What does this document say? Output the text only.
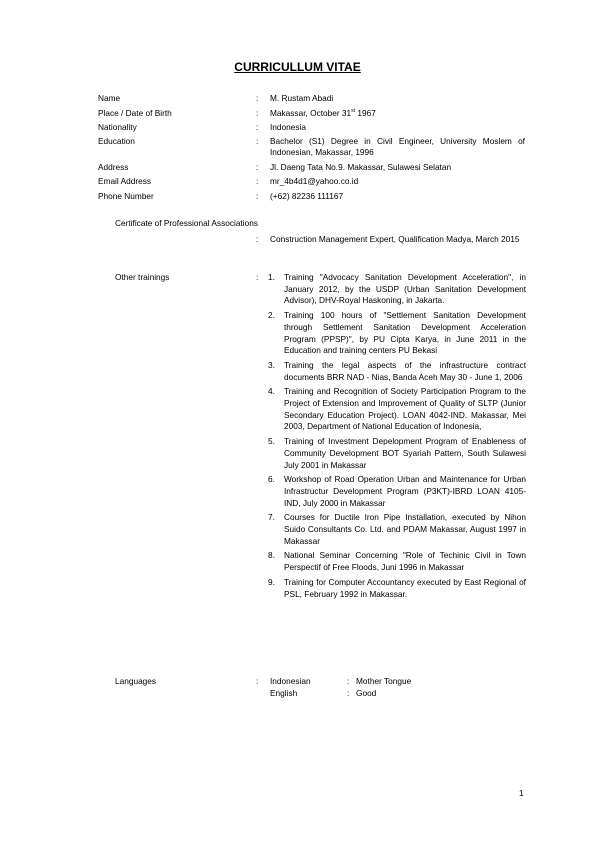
CURRICULLUM VITAE
Name	: M. Rustam Abadi
Place / Date of Birth	: Makassar, October 31st 1967
Nationality	: Indonesia
Education	: Bachelor (S1) Degree in Civil Engineer, University Moslem of Indonesian, Makassar, 1996
Address	: Jl. Daeng Tata No.9. Makassar, Sulawesi Selatan
Email Address	: mr_4b4d1@yahoo.co.id
Phone Number	: (+62) 82236 111167
Certificate of Professional Associations
: Construction Management Expert, Qualification Madya, March 2015
Other trainings	: 1. Training "Advocacy Sanitation Development Acceleration", in January 2012, by the USDP (Urban Sanitation Development Advisor), DHV-Royal Haskoning, in Jakarta.
2. Training 100 hours of "Settlement Sanitation Development through Settlement Sanitation Development Acceleration Program (PPSP)", by PU Cipta Karya, in June 2011 in the Education and training centers PU Bekasi
3. Training the legal aspects of the infrastructure contract documents BRR NAD - Nias, Banda Aceh May 30 - June 1, 2006
4. Training and Recognition of Society Participation Program to the Project of Extension and Improvement of Quality of SLTP (Junior Secondary Education Project). LOAN 4042-IND. Makassar, Mei 2003, Department of National Education of Indonesia,
5. Training of Investment Depelopment Program of Enableness of Community Development BOT Syariah Pattern, South Sulawesi July 2001 in Makassar
6. Workshop of Road Operation Urban and Maintenance for Urban Infrastructur Development Program (P3KT)-IBRD LOAN 4105-IND, July 2000 in Makassar
7. Courses for Ductile Iron Pipe Installation, executed by Nihon Suido Consultants Co. Ltd. and PDAM Makassar, August 1997 in Makassar
8. National Seminar Concerning "Role of Techinic Civil in Town Perspectif of Free Floods, Juni 1996 in Makassar
9. Training for Computer Accountancy executed by East Regional of PSL, February 1992 in Makassar.
Languages	: Indonesian	: Mother Tongue
English	: Good
1
